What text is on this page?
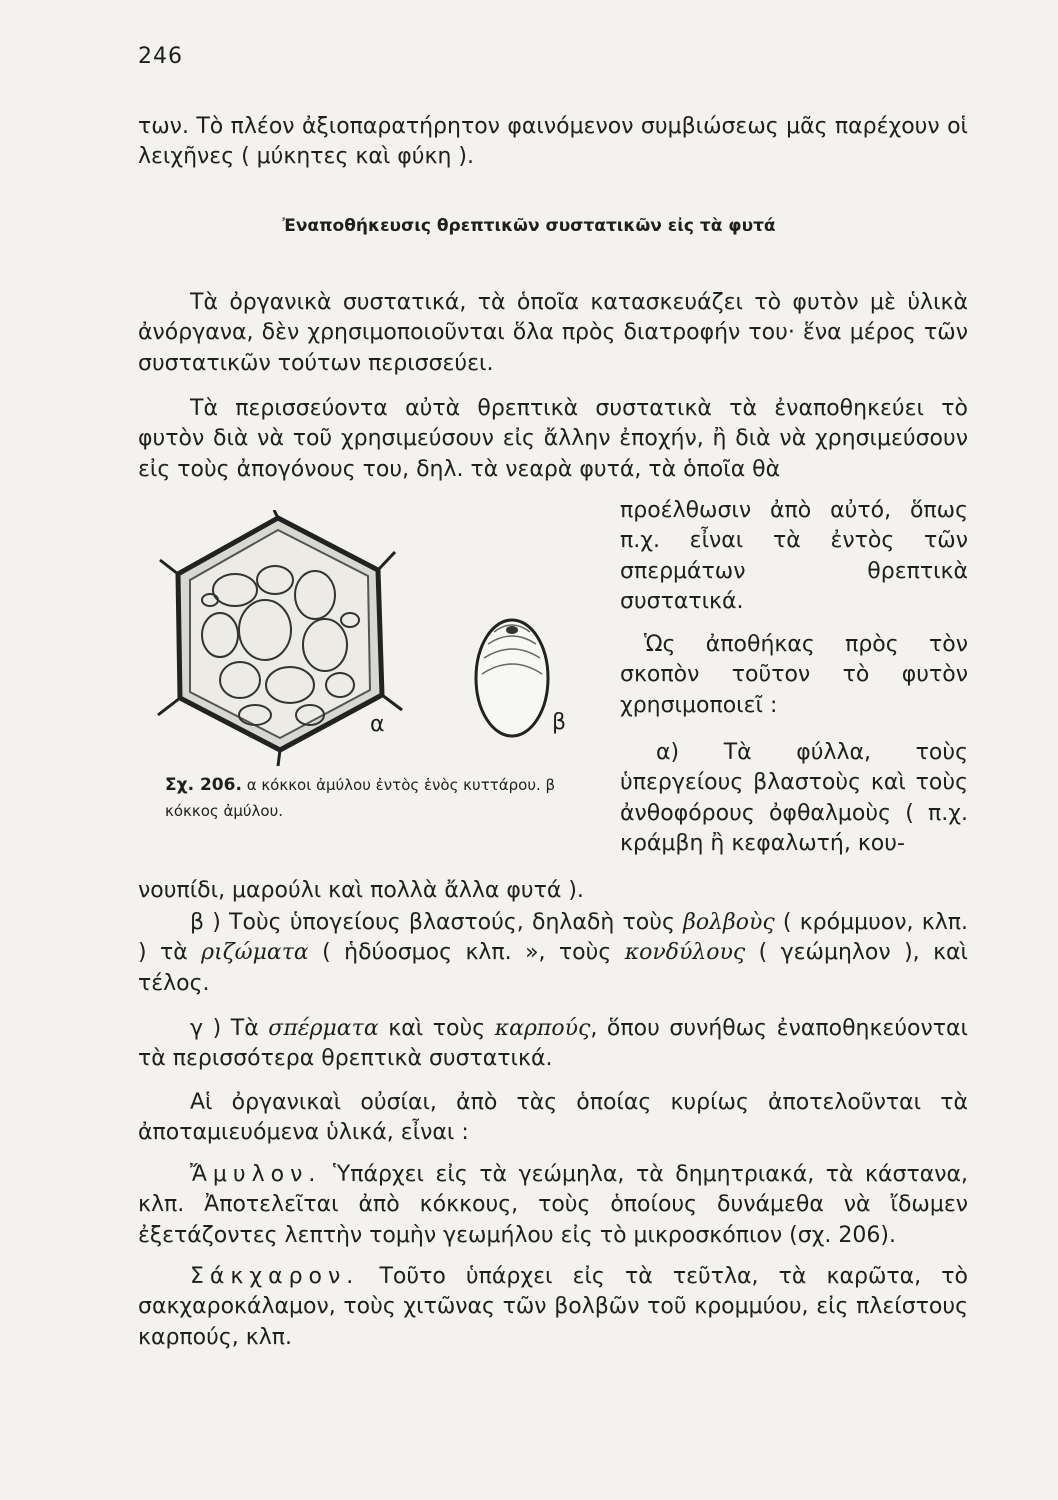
246

των. Τὸ πλέον ἀξιοπαρατήρητον φαινόμενον συμβιώσεως μᾶς παρέχουν οἱ λειχῆνες ( μύκητες καὶ φύκη ).

Ἐναποθήκευσις θρεπτικῶν συστατικῶν εἰς τὰ φυτά

Τὰ ὀργανικὰ συστατικά, τὰ ὁποῖα κατασκευάζει τὸ φυτὸν μὲ ὑλικὰ ἀνόργανα, δὲν χρησιμοποιοῦνται ὅλα πρὸς διατροφήν του· ἕνα μέρος τῶν συστατικῶν τούτων περισσεύει.

Τὰ περισσεύοντα αὐτὰ θρεπτικὰ συστατικὰ τὰ ἐναποθηκεύει τὸ φυτὸν διὰ νὰ τοῦ χρησιμεύσουν εἰς ἄλλην ἐποχήν, ἢ διὰ νὰ χρησιμεύσουν εἰς τοὺς ἀπογόνους του, δηλ. τὰ νεαρὰ φυτά, τὰ ὁποῖα θὰ

α	β
Σχ. 206. α κόκκοι ἀμύλου ἐντὸς ἑνὸς κυττάρου. β κόκκος ἀμύλου.

προέλθωσιν ἀπὸ αὐτό, ὅπως π.χ. εἶναι τὰ ἐντὸς τῶν σπερμάτων θρεπτικὰ συστατικά.

Ὡς ἀποθήκας πρὸς τὸν σκοπὸν τοῦτον τὸ φυτὸν χρησιμοποιεῖ :

α) Τὰ φύλλα, τοὺς ὑπεργείους βλαστοὺς καὶ τοὺς ἀνθοφόρους ὀφθαλμοὺς ( π.χ. κράμβη ἢ κεφαλωτή, κου-

νουπίδι, μαρούλι καὶ πολλὰ ἄλλα φυτά ).

β ) Τοὺς ὑπογείους βλαστούς, δηλαδὴ τοὺς βολβοὺς ( κρόμμυον, κλπ. ) τὰ ριζώματα ( ἡδύοσμος κλπ. », τοὺς κονδύλους ( γεώμηλον ), καὶ τέλος.

γ ) Τὰ σπέρματα καὶ τοὺς καρπούς, ὅπου συνήθως ἐναποθηκεύονται τὰ περισσότερα θρεπτικὰ συστατικά.

Αἱ ὀργανικαὶ οὐσίαι, ἀπὸ τὰς ὁποίας κυρίως ἀποτελοῦνται τὰ ἀποταμιευόμενα ὑλικά, εἶναι :

Ἄμυλον. Ὑπάρχει εἰς τὰ γεώμηλα, τὰ δημητριακά, τὰ κάστανα, κλπ. Ἀποτελεῖται ἀπὸ κόκκους, τοὺς ὁποίους δυνάμεθα νὰ ἴδωμεν ἐξετάζοντες λεπτὴν τομὴν γεωμήλου εἰς τὸ μικροσκόπιον (σχ. 206).

Σάκχαρον. Τοῦτο ὑπάρχει εἰς τὰ τεῦτλα, τὰ καρῶτα, τὸ σακχαροκάλαμον, τοὺς χιτῶνας τῶν βολβῶν τοῦ κρομμύου, εἰς πλείστους καρπούς, κλπ.
